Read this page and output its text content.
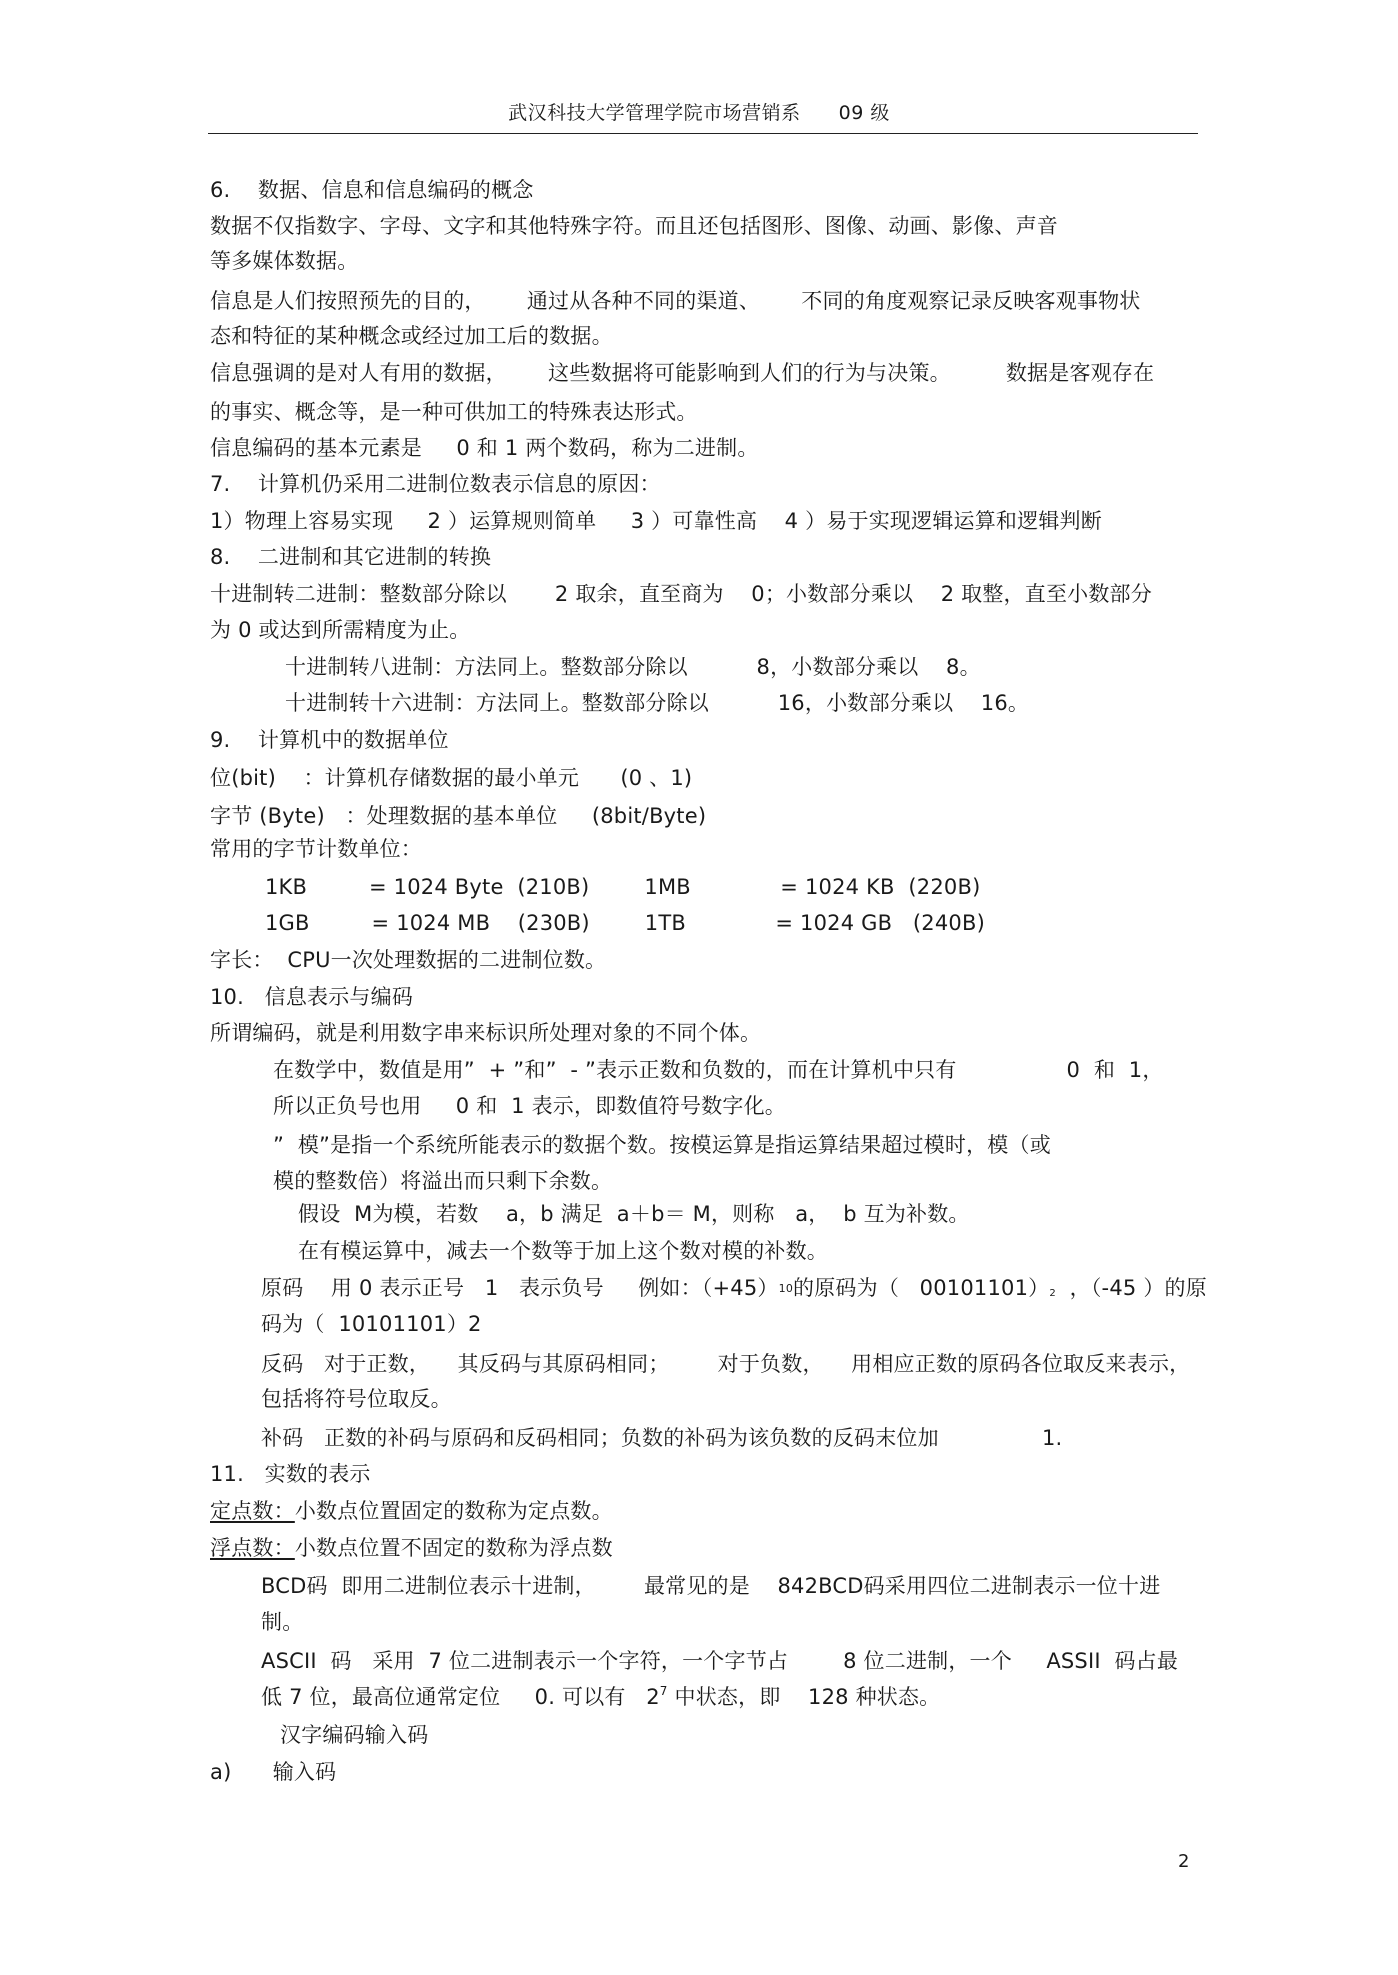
武汉科技大学管理学院市场营销系 09 级
6.    数据、信息和信息编码的概念
数据不仅指数字、字母、文字和其他特殊字符。而且还包括图形、图像、动画、影像、声音
等多媒体数据。
信息是人们按照预先的目的，      通过从各种不同的渠道、      不同的角度观察记录反映客观事物状
态和特征的某种概念或经过加工后的数据。
信息强调的是对人有用的数据，      这些数据将可能影响到人们的行为与决策。        数据是客观存在
的事实、概念等，是一种可供加工的特殊表达形式。
信息编码的基本元素是     0 和 1 两个数码，称为二进制。
7.    计算机仍采用二进制位数表示信息的原因：
1）物理上容易实现     2 ）运算规则简单     3 ）可靠性高    4 ）易于实现逻辑运算和逻辑判断
8.    二进制和其它进制的转换
十进制转二进制：整数部分除以       2 取余，直至商为    0；小数部分乘以    2 取整，直至小数部分
为 0 或达到所需精度为止。
十进制转八进制：方法同上。整数部分除以          8，小数部分乘以    8。
十进制转十六进制：方法同上。整数部分除以          16，小数部分乘以    16。
9.    计算机中的数据单位
位(bit)    ：计算机存储数据的最小单元      (0 、1)
字节 (Byte)   ：处理数据的基本单位     (8bit/Byte)
常用的字节计数单位：
1KB         = 1024 Byte  (210B)        1MB             = 1024 KB  (220B)
1GB         = 1024 MB    (230B)        1TB             = 1024 GB   (240B)
字长：  CPU一次处理数据的二进制位数。
10.   信息表示与编码
所谓编码，就是利用数字串来标识所处理对象的不同个体。
在数学中，数值是用”  + ”和”  - ”表示正数和负数的，而在计算机中只有                0  和  1，
所以正负号也用     0 和  1 表示，即数值符号数字化。
”  模”是指一个系统所能表示的数据个数。按模运算是指运算结果超过模时，模（或
模的整数倍）将溢出而只剩下余数。
假设  M为模，若数    a，b 满足  a＋b＝ M，则称   a，  b 互为补数。
在有模运算中，减去一个数等于加上这个数对模的补数。
原码    用 0 表示正号   1   表示负号     例如：（+45）10的原码为（   00101101）2  ，（-45 ）的原
码为（  10101101）2
反码   对于正数，    其反码与其原码相同；       对于负数，    用相应正数的原码各位取反来表示，
包括将符号位取反。
补码   正数的补码与原码和反码相同；负数的补码为该负数的反码末位加               1.
11.   实数的表示
定点数：小数点位置固定的数称为定点数。
浮点数：小数点位置不固定的数称为浮点数
BCD码  即用二进制位表示十进制，       最常见的是    842BCD码采用四位二进制表示一位十进
制。
ASCII  码   采用  7 位二进制表示一个字符，一个字节占        8 位二进制，一个     ASSII  码占最
低 7 位，最高位通常定位     0. 可以有   $2^7$ 中状态，即    128 种状态。
汉字编码输入码
a)      输入码
2
